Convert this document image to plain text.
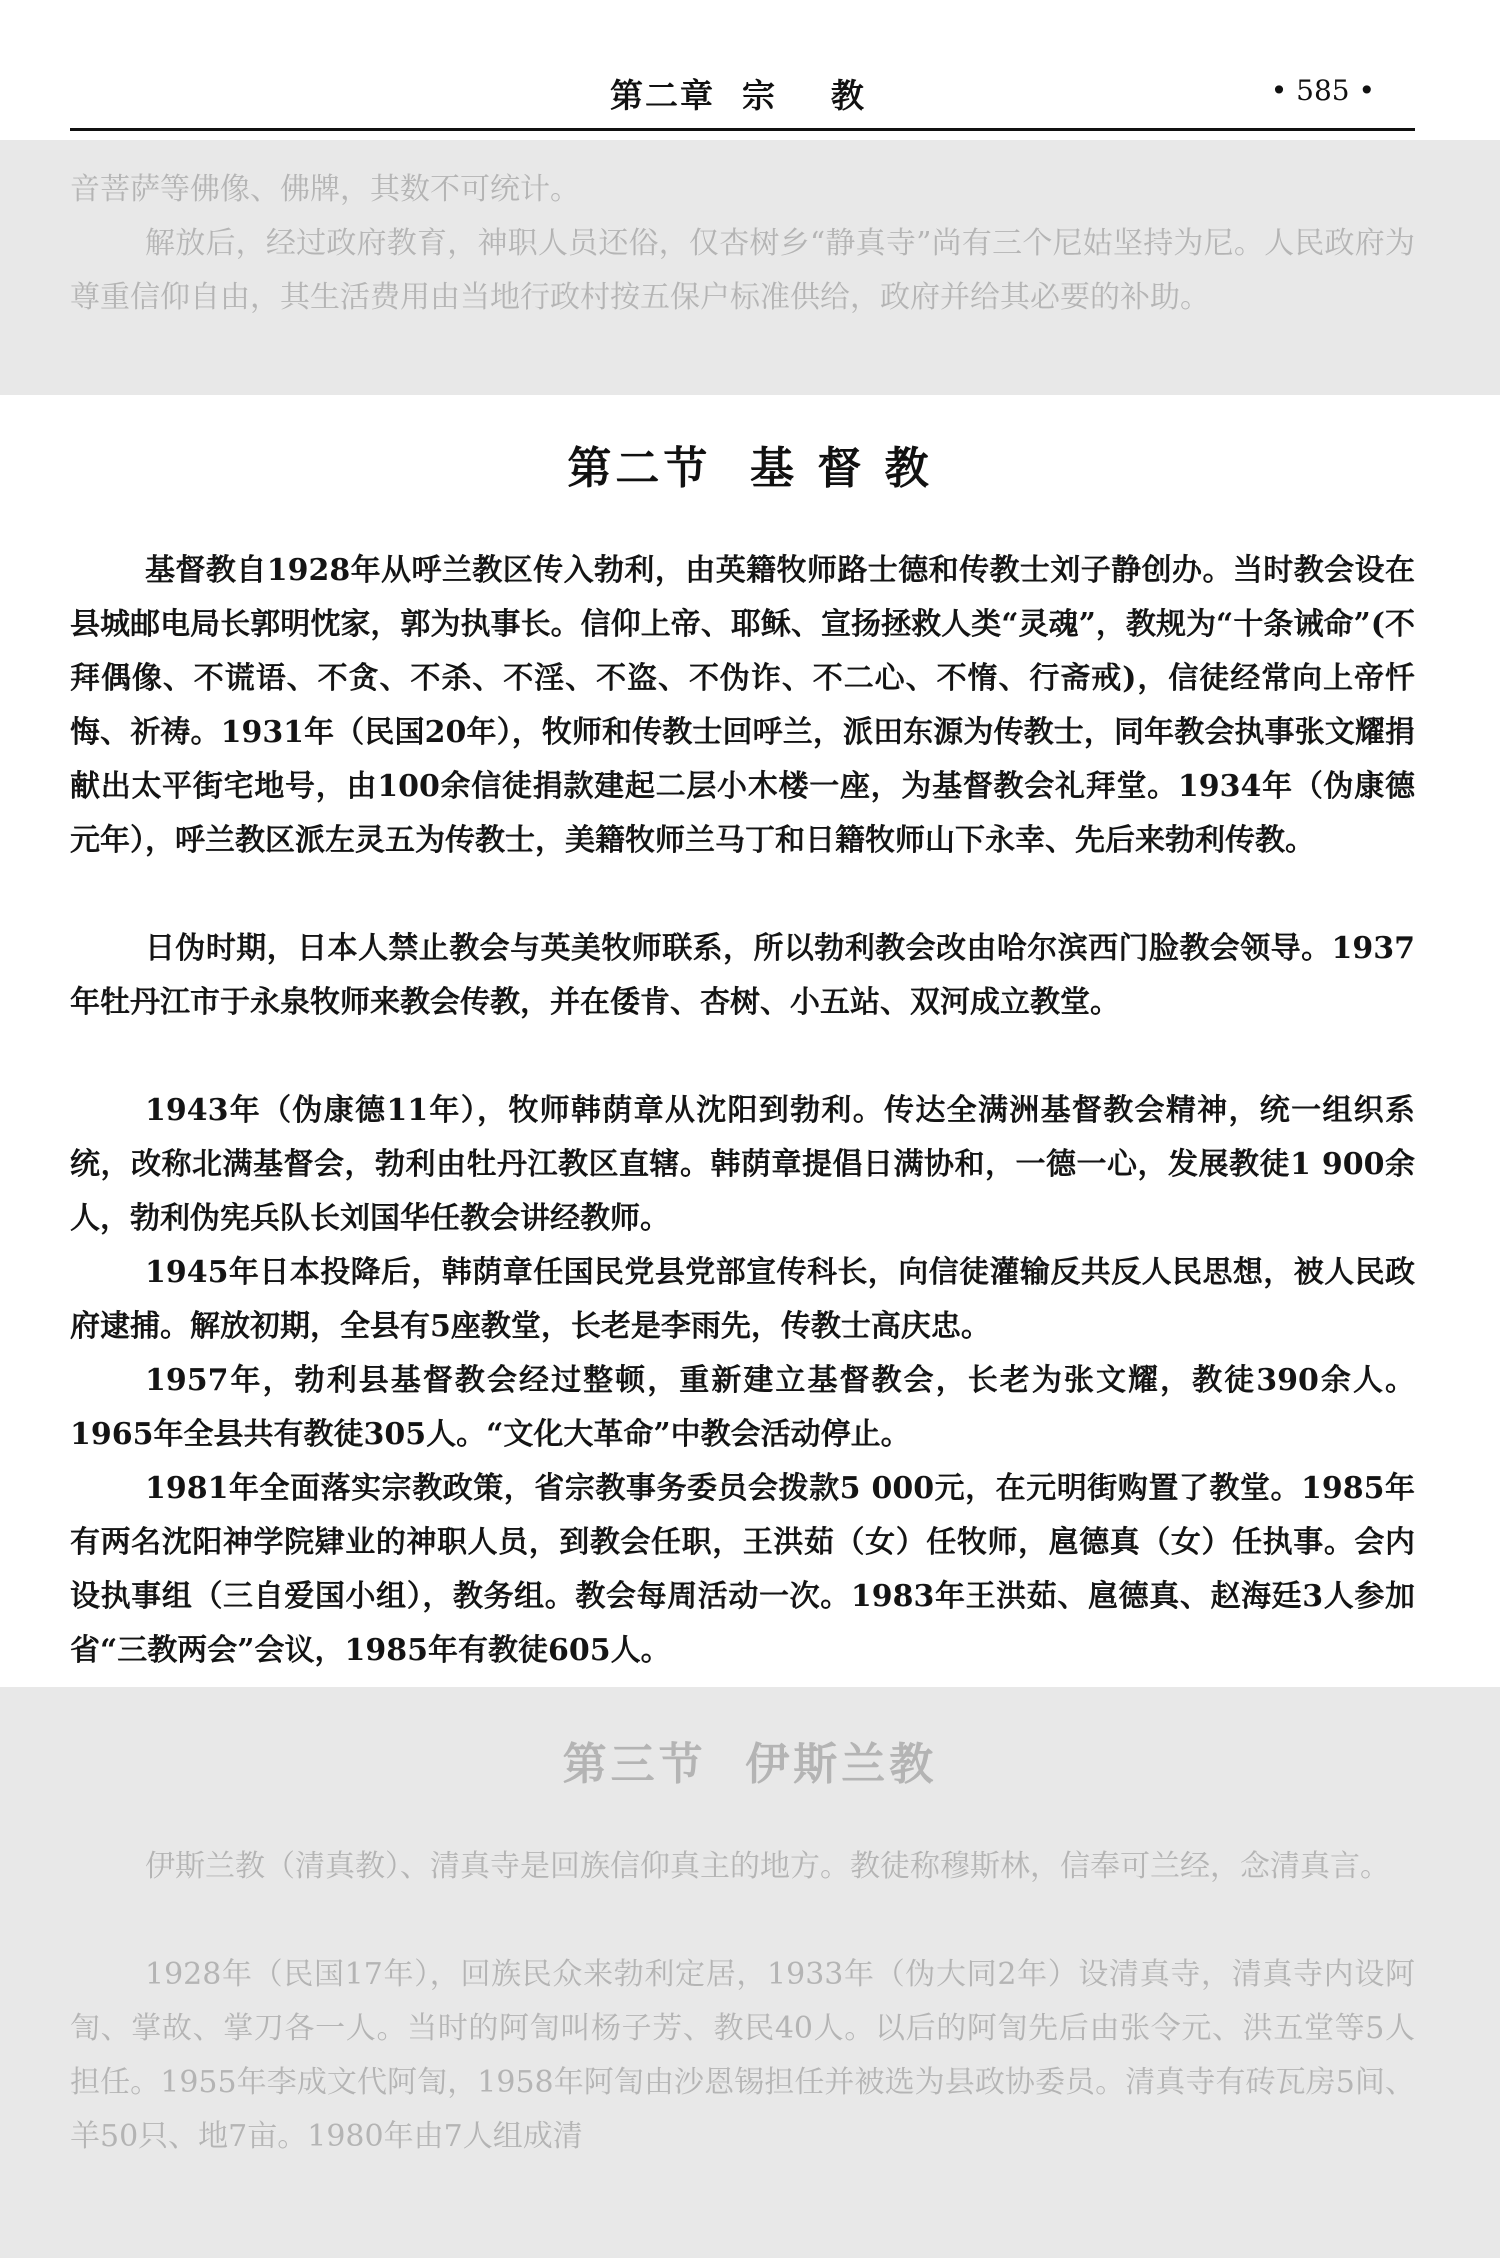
第二章  宗    教	• 585 •

音菩萨等佛像、佛牌，其数不可统计。

解放后，经过政府教育，神职人员还俗，仅杏树乡“静真寺”尚有三个尼姑坚持为尼。人民政府为尊重信仰自由，其生活费用由当地行政村按五保户标准供给，政府并给其必要的补助。

第二节  基 督 教

基督教自1928年从呼兰教区传入勃利，由英籍牧师路士德和传教士刘子静创办。当时教会设在县城邮电局长郭明忱家，郭为执事长。信仰上帝、耶稣、宣扬拯救人类“灵魂”，教规为“十条诫命”(不拜偶像、不谎语、不贪、不杀、不淫、不盗、不伪诈、不二心、不惰、行斋戒)，信徒经常向上帝忏悔、祈祷。1931年（民国20年），牧师和传教士回呼兰，派田东源为传教士，同年教会执事张文耀捐献出太平街宅地号，由100余信徒捐款建起二层小木楼一座，为基督教会礼拜堂。1934年（伪康德元年），呼兰教区派左灵五为传教士，美籍牧师兰马丁和日籍牧师山下永幸、先后来勃利传教。

日伪时期，日本人禁止教会与英美牧师联系，所以勃利教会改由哈尔滨西门脸教会领导。1937年牡丹江市于永泉牧师来教会传教，并在倭肯、杏树、小五站、双河成立教堂。

1943年（伪康德11年），牧师韩荫章从沈阳到勃利。传达全满洲基督教会精神，统一组织系统，改称北满基督会，勃利由牡丹江教区直辖。韩荫章提倡日满协和，一德一心，发展教徒1 900余人，勃利伪宪兵队长刘国华任教会讲经教师。

1945年日本投降后，韩荫章任国民党县党部宣传科长，向信徒灌输反共反人民思想，被人民政府逮捕。解放初期，全县有5座教堂，长老是李雨先，传教士高庆忠。

1957年，勃利县基督教会经过整顿，重新建立基督教会，长老为张文耀，教徒390余人。1965年全县共有教徒305人。“文化大革命”中教会活动停止。

1981年全面落实宗教政策，省宗教事务委员会拨款5 000元，在元明街购置了教堂。1985年有两名沈阳神学院肄业的神职人员，到教会任职，王洪茹（女）任牧师，扈德真（女）任执事。会内设执事组（三自爱国小组），教务组。教会每周活动一次。1983年王洪茹、扈德真、赵海廷3人参加省“三教两会”会议，1985年有教徒605人。

第三节  伊斯兰教

伊斯兰教（清真教）、清真寺是回族信仰真主的地方。教徒称穆斯林，信奉可兰经，念清真言。

1928年（民国17年），回族民众来勃利定居，1933年（伪大同2年）设清真寺，清真寺内设阿訇、掌故、掌刀各一人。当时的阿訇叫杨子芳、教民40人。以后的阿訇先后由张令元、洪五堂等5人担任。1955年李成文代阿訇，1958年阿訇由沙恩锡担任并被选为县政协委员。清真寺有砖瓦房5间、羊50只、地7亩。1980年由7人组成清
